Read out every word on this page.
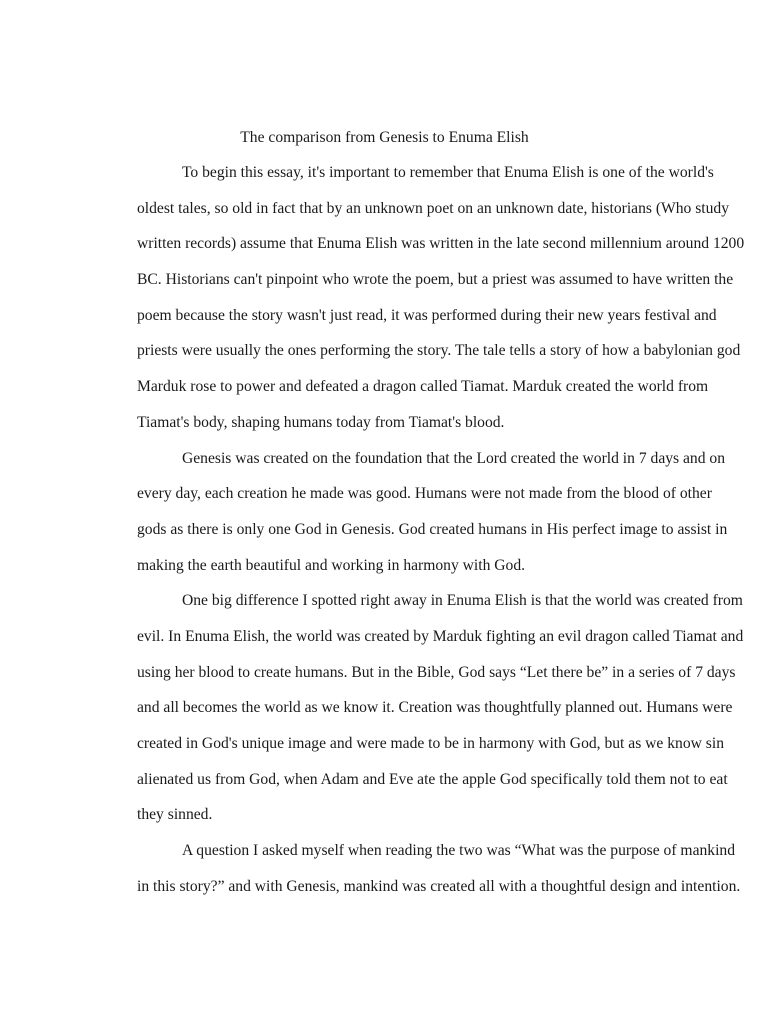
The comparison from Genesis to Enuma Elish
To begin this essay, it's important to remember that Enuma Elish is one of the world's
oldest tales, so old in fact that by an unknown poet on an unknown date, historians (Who study
written records) assume that Enuma Elish was written in the late second millennium around 1200
BC. Historians can't pinpoint who wrote the poem, but a priest was assumed to have written the
poem because the story wasn't just read, it was performed during their new years festival and
priests were usually the ones performing the story. The tale tells a story of how a babylonian god
Marduk rose to power and defeated a dragon called Tiamat. Marduk created the world from
Tiamat's body, shaping humans today from Tiamat's blood.
Genesis was created on the foundation that the Lord created the world in 7 days and on
every day, each creation he made was good. Humans were not made from the blood of other
gods as there is only one God in Genesis. God created humans in His perfect image to assist in
making the earth beautiful and working in harmony with God.
One big difference I spotted right away in Enuma Elish is that the world was created from
evil. In Enuma Elish, the world was created by Marduk fighting an evil dragon called Tiamat and
using her blood to create humans. But in the Bible, God says “Let there be” in a series of 7 days
and all becomes the world as we know it. Creation was thoughtfully planned out. Humans were
created in God's unique image and were made to be in harmony with God, but as we know sin
alienated us from God, when Adam and Eve ate the apple God specifically told them not to eat
they sinned.
A question I asked myself when reading the two was “What was the purpose of mankind
in this story?” and with Genesis, mankind was created all with a thoughtful design and intention.
